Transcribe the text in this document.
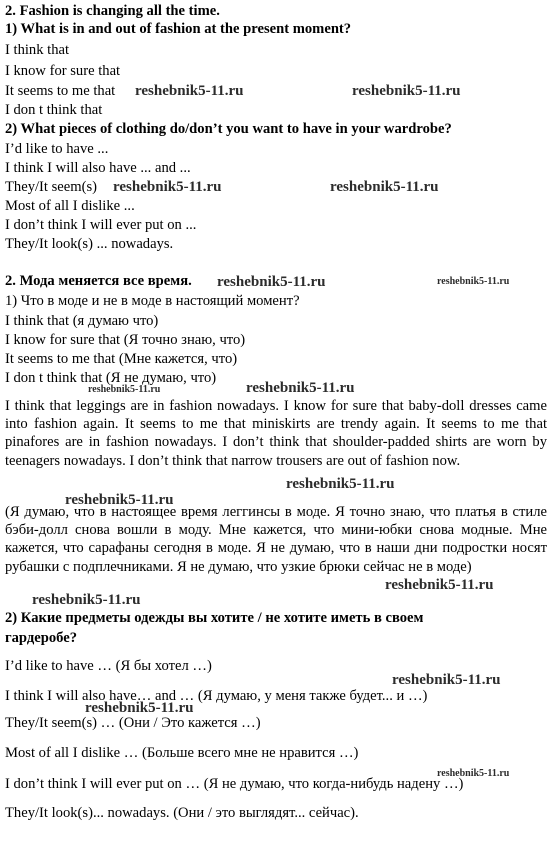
2. Fashion is changing all the time.
1) What is in and out of fashion at the present moment?
I think that
I know for sure that
It seems to me that
I don t think that
2) What pieces of clothing do/don’t you want to have in your wardrobe?
I’d like to have ...
I think I will also have ... and ...
They/It seem(s)
Most of all I dislike ...
I don’t think I will ever put on ...
They/It look(s) ... nowadays.
2. Мода меняется все время.
1) Что в моде и не в моде в настоящий момент?
I think that (я думаю что)
I know for sure that (Я точно знаю, что)
It seems to me that (Мне кажется, что)
I don t think that (Я не думаю, что)
I think that leggings are in fashion nowadays. I know for sure that baby-doll dresses came into fashion again. It seems to me that miniskirts are trendy again. It seems to me that pinafores are in fashion nowadays. I don’t think that shoulder-padded shirts are worn by teenagers nowadays. I don’t think that narrow trousers are out of fashion now.
(Я думаю, что в настоящее время леггинсы в моде. Я точно знаю, что платья в стиле бэби-долл снова вошли в моду. Мне кажется, что мини-юбки снова модные. Мне кажется, что сарафаны сегодня в моде. Я не думаю, что в наши дни подростки носят рубашки с подплечниками. Я не думаю, что узкие брюки сейчас не в моде)
2) Какие предметы одежды вы хотите / не хотите иметь в своем
гардеробе?
I’d like to have … (Я бы хотел …)
I think I will also have… and … (Я думаю, у меня также будет... и …)
They/It seem(s) … (Они / Это кажется …)
Most of all I dislike … (Больше всего мне не нравится …)
I don’t think I will ever put on … (Я не думаю, что когда-нибудь надену …)
They/It look(s)... nowadays. (Они / это выглядят... сейчас).
reshebnik5-11.ru	reshebnik5-11.ru
reshebnik5-11.ru	reshebnik5-11.ru
reshebnik5-11.ru	reshebnik5-11.ru
reshebnik5-11.ru	reshebnik5-11.ru
reshebnik5-11.ru
reshebnik5-11.ru
reshebnik5-11.ru
reshebnik5-11.ru
reshebnik5-11.ru
reshebnik5-11.ru
reshebnik5-11.ru
